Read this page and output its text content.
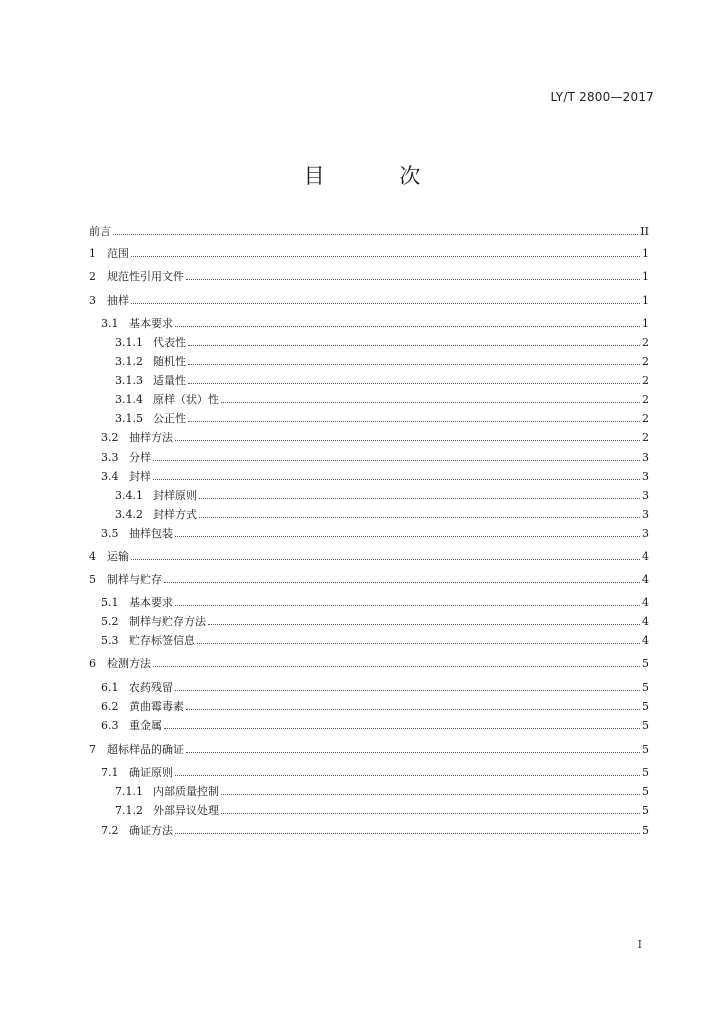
LY/T 2800—2017
目 次
前言	II
1	范围	1
2	规范性引用文件	1
3	抽样	1
3.1 基本要求	1
3.1.1 代表性	2
3.1.2 随机性	2
3.1.3 适量性	2
3.1.4 原样（状）性	2
3.1.5 公正性	2
3.2 抽样方法	2
3.3 分样	3
3.4 封样	3
3.4.1 封样原则	3
3.4.2 封样方式	3
3.5 抽样包装	3
4	运输	4
5	制样与贮存	4
5.1 基本要求	4
5.2 制样与贮存方法	4
5.3 贮存标签信息	4
6	检测方法	5
6.1 农药残留	5
6.2 黄曲霉毒素	5
6.3 重金属	5
7	超标样品的确证	5
7.1 确证原则	5
7.1.1 内部质量控制	5
7.1.2 外部异议处理	5
7.2 确证方法	5
I
